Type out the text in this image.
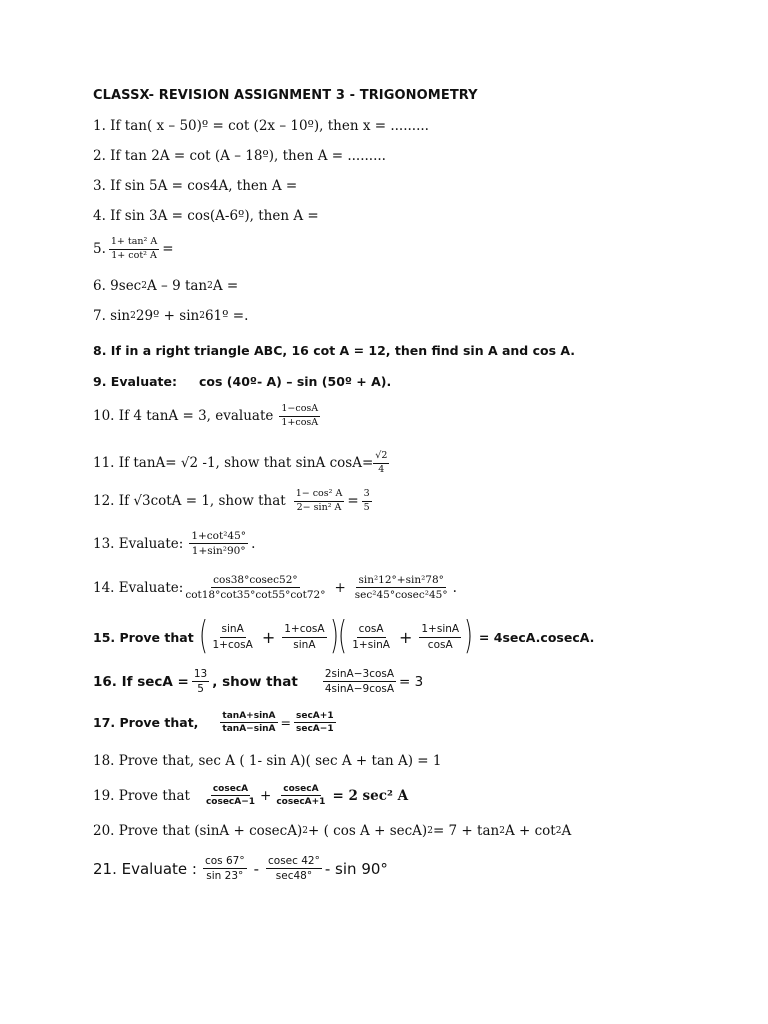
CLASSX- REVISION ASSIGNMENT 3 - TRIGONOMETRY
1. If tan( x – 50)º = cot (2x – 10º), then x = .........
2. If tan 2A = cot (A – 18º), then A = .........
3. If sin 5A = cos4A, then A =
4. If sin 3A = cos(A-6º), then A =
5. $\frac{\text{1+ tan² A}}{\text{1+ cot² A}}$ =
6. 9sec 2 A – 9 tan 2 A =
7. sin 2 29º + sin 2 61º =.
8. If in a right triangle ABC, 16 cot A = 12, then find sin A and cos A.
9. Evaluate: cos (40º- A) – sin (50º + A).
10. If 4 tanA = 3, evaluate $\frac{1-\cos A}{1+\cos A}$
11. If tanA= √2 -1, show that sinA $\cos A= \frac{√2}{4}$
12. If √3cotA = 1, show that $\frac{\text{1− cos² A}}{\text{2− sin² A}} = \frac{3}{5}$
13. Evaluate: $\frac{\text{1+cot²45°}}{\text{1+sin²90°}}$ .
14. Evaluate: $\frac{\cos 38^\circ cosec52^\circ}{\cot 18^\circ\cot 35^\circ\cot 55^\circ\cot 72^\circ} + \frac{\text{sin²12°+sin²78°}}{\text{sec²45°cosec²45°}}$ .
15. Prove that ( $\frac{\sin A}{1+\cos A} + \frac{1+\cos A}{\sin A}$ ) ( $\frac{\cos A}{1+\sin A} + \frac{1+\sin A}{\cos A}$ ) = 4secA.cosecA.
16. If $\sec A = \frac{13}{5}$ , show that $\frac{2\sin A-3\cos A}{4\sin A-9\cos A} = 3$
17. Prove that, $\frac{\tan A+\sin A}{\tan A-\sin A} = \frac{\sec A+1}{\sec A-1}$
18. Prove that, sec A ( 1- sin A)( sec A + tan A) = 1
19. Prove that $\frac{cosecA}{cosecA-1} + \frac{cosecA}{cosecA+1} = 2$ sec² A
20. Prove that (sinA + cosecA) 2 + ( cos A + secA) 2 = 7 + tan 2 A + cot 2 A
21. Evaluate : $\frac{\cos 67^\circ}{\sin 23^\circ} - \frac{cosec 42^\circ}{\sec 48^\circ}$ - sin 90°
